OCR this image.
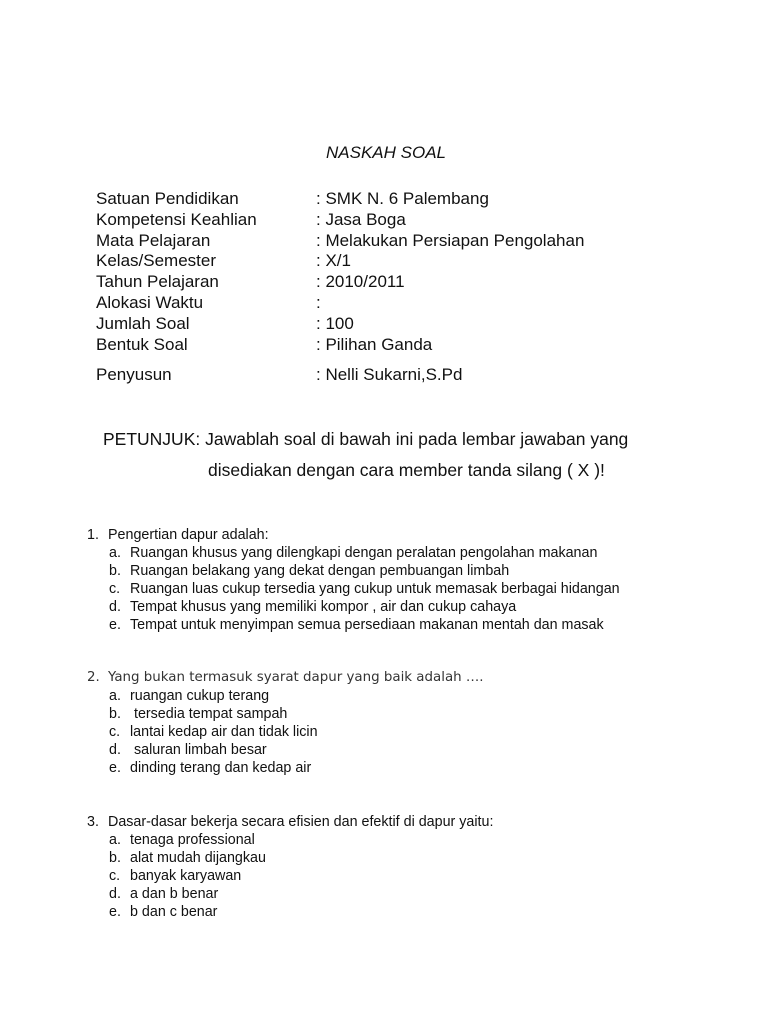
NASKAH SOAL
Satuan Pendidikan	: SMK N. 6 Palembang
Kompetensi Keahlian	: Jasa Boga
Mata Pelajaran	: Melakukan Persiapan Pengolahan
Kelas/Semester	: X/1
Tahun Pelajaran	: 2010/2011
Alokasi Waktu	:
Jumlah Soal	: 100
Bentuk Soal	: Pilihan Ganda
Penyusun	: Nelli Sukarni,S.Pd
PETUNJUK: Jawablah soal di bawah ini pada lembar jawaban yang
disediakan dengan cara member tanda silang ( X )!
1. Pengertian dapur adalah:
a. Ruangan khusus yang dilengkapi dengan peralatan pengolahan makanan
b. Ruangan belakang yang dekat dengan pembuangan limbah
c. Ruangan luas cukup tersedia yang cukup untuk memasak berbagai hidangan
d. Tempat khusus yang memiliki kompor , air dan cukup cahaya
e. Tempat untuk menyimpan semua persediaan makanan mentah dan masak
2. Yang bukan termasuk syarat dapur yang baik adalah ….
a. ruangan cukup terang
b. tersedia tempat sampah
c. lantai kedap air dan tidak licin
d. saluran limbah besar
e. dinding terang dan kedap air
3. Dasar-dasar bekerja secara efisien dan efektif di dapur yaitu:
a. tenaga professional
b. alat mudah dijangkau
c. banyak karyawan
d. a dan b benar
e. b dan c benar
